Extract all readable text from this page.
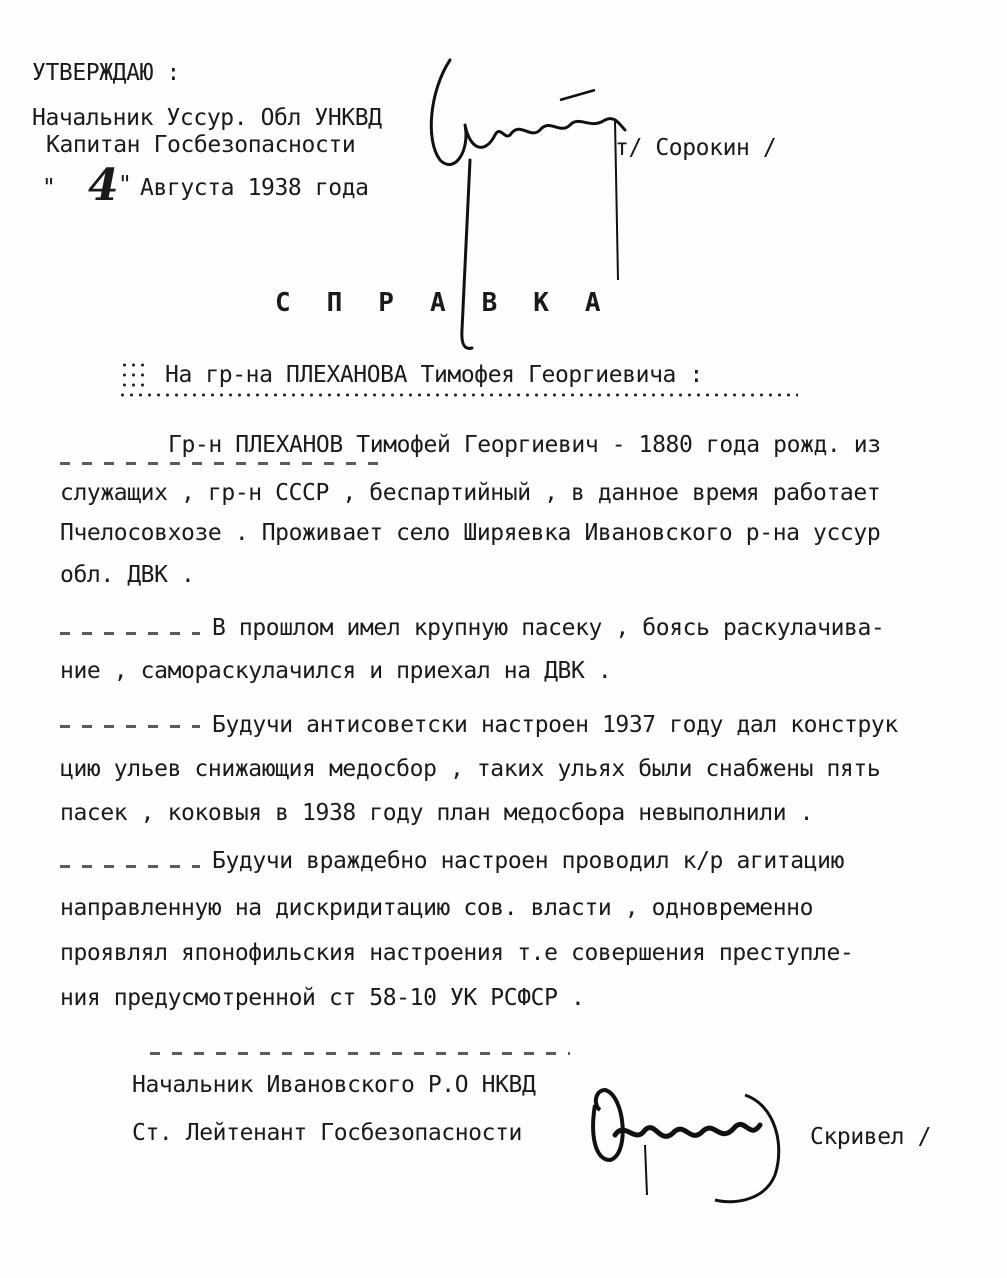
УТВЕРЖДАЮ :
Начальник Уссур. Обл УНКВД
Капитан Госбезопасности	т/ Сорокин /
" 4 " Августа 1938 года
СПРАВКА
На гр-на ПЛЕХАНОВА Тимофея Георгиевича :
Гр-н ПЛЕХАНОВ Тимофей Георгиевич - 1880 года рожд. из
служащих , гр-н СССР , беспартийный , в данное время работает
Пчелосовхозе . Проживает село Ширяевка Ивановского р-на уссур
обл. ДВК .
В прошлом имел крупную пасеку , боясь раскулачива-
ние , самораскулачился и приехал на ДВК .
Будучи антисоветски настроен 1937 году дал конструк
цию ульев снижающия медосбор , таких ульях были снабжены пять
пасек , коковыя в 1938 году план медосбора невыполнили .
Будучи враждебно настроен проводил к/р агитацию
направленную на дискридитацию сов. власти , одновременно
проявлял японофильския настроения т.е совершения преступле-
ния предусмотренной ст 58-10 УК РСФСР .
Начальник Ивановского Р.О НКВД
Ст. Лейтенант Госбезопасности	Скривел /
